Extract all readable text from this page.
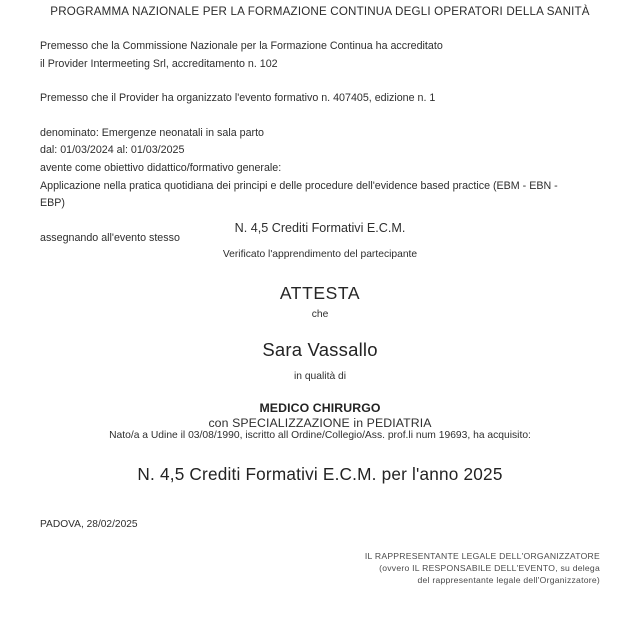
PROGRAMMA NAZIONALE PER LA FORMAZIONE CONTINUA DEGLI OPERATORI DELLA SANITÀ
Premesso che la Commissione Nazionale per la Formazione Continua ha accreditato
il Provider Intermeeting Srl, accreditamento n. 102
Premesso che il Provider ha organizzato l'evento formativo n. 407405, edizione n. 1
denominato: Emergenze neonatali in sala parto
dal: 01/03/2024 al: 01/03/2025
avente come obiettivo didattico/formativo generale:
Applicazione nella pratica quotidiana dei principi e delle procedure dell'evidence based practice (EBM - EBN - EBP)
assegnando all'evento stesso
N. 4,5 Crediti Formativi E.C.M.
Verificato l'apprendimento del partecipante
ATTESTA
che
Sara Vassallo
in qualità di
MEDICO CHIRURGO
con SPECIALIZZAZIONE in PEDIATRIA
Nato/a a Udine il 03/08/1990, iscritto all Ordine/Collegio/Ass. prof.li num 19693, ha acquisito:
N. 4,5 Crediti Formativi E.C.M. per l'anno 2025
PADOVA, 28/02/2025
IL RAPPRESENTANTE LEGALE DELL'ORGANIZZATORE
(ovvero IL RESPONSABILE DELL'EVENTO, su delega
del rappresentante legale dell'Organizzatore)
